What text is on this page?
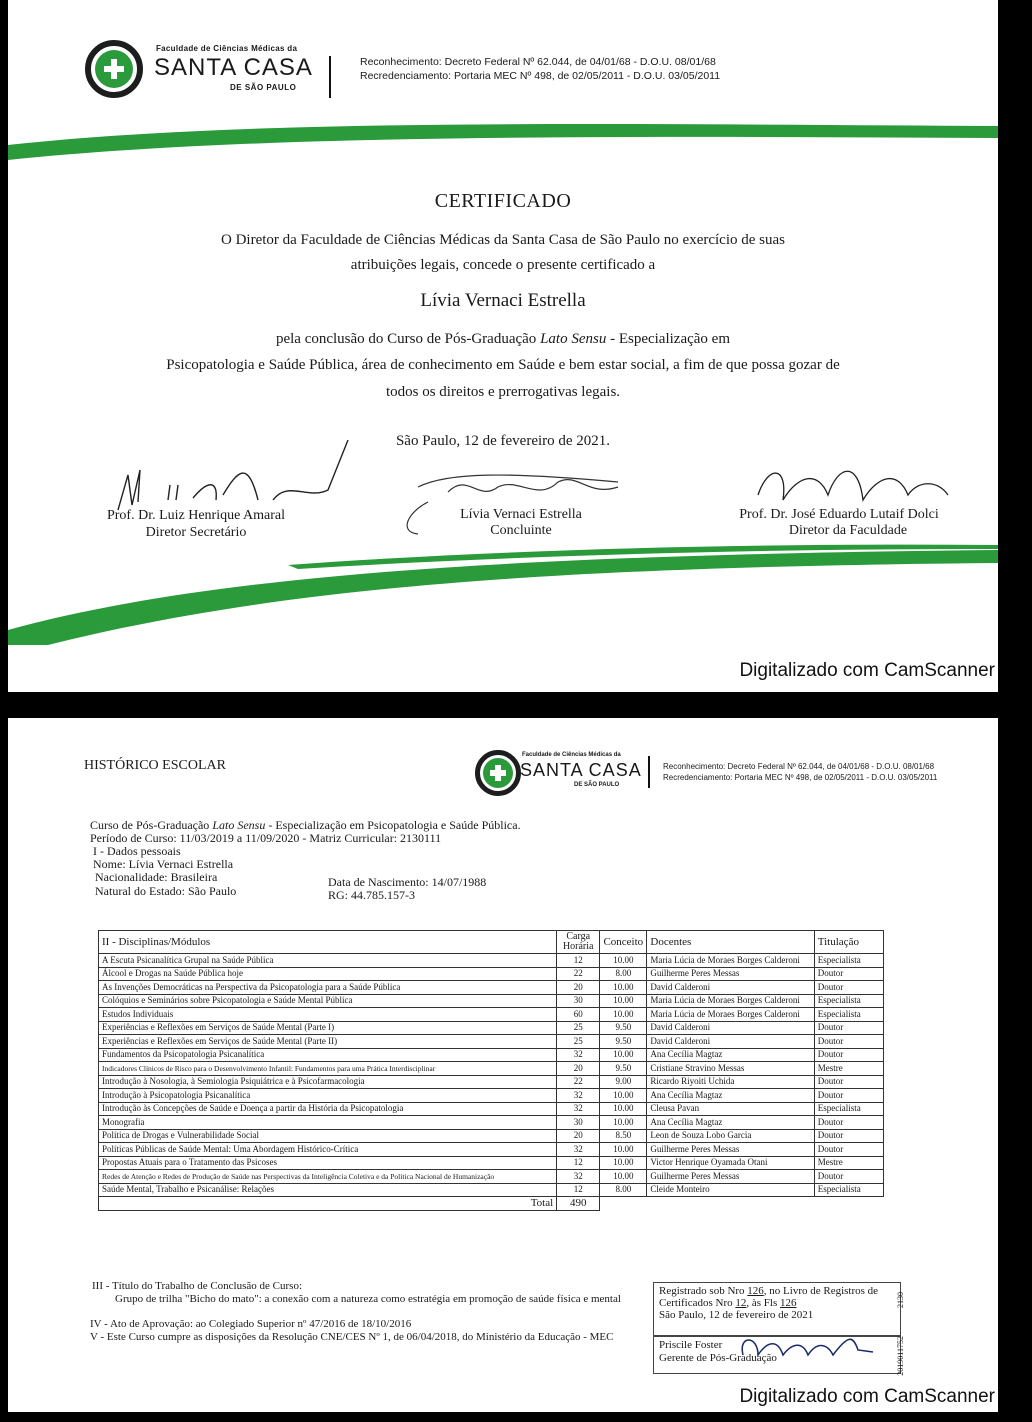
Faculdade de Ciências Médicas da
SANTA CASA
DE SÃO PAULO
Reconhecimento: Decreto Federal Nº 62.044, de 04/01/68 - D.O.U. 08/01/68
Recredenciamento: Portaria MEC Nº 498, de 02/05/2011 - D.O.U. 03/05/2011
CERTIFICADO
O Diretor da Faculdade de Ciências Médicas da Santa Casa de São Paulo no exercício de suas
atribuições legais, concede o presente certificado a
Lívia Vernaci Estrella
pela conclusão do Curso de Pós-Graduação Lato Sensu - Especialização em
Psicopatologia e Saúde Pública, área de conhecimento em Saúde e bem estar social, a fim de que possa gozar de
todos os direitos e prerrogativas legais.
São Paulo, 12 de fevereiro de 2021.
Prof. Dr. Luiz Henrique Amaral
Diretor Secretário
Lívia Vernaci Estrella
Concluinte
Prof. Dr. José Eduardo Lutaif Dolci
Diretor da Faculdade
Digitalizado com CamScanner
HISTÓRICO ESCOLAR
Faculdade de Ciências Médicas da
SANTA CASA
DE SÃO PAULO
Reconhecimento: Decreto Federal Nº 62.044, de 04/01/68 - D.O.U. 08/01/68
Recredenciamento: Portaria MEC Nº 498, de 02/05/2011 - D.O.U. 03/05/2011
Curso de Pós-Graduação Lato Sensu - Especialização em Psicopatologia e Saúde Pública.
Período de Curso: 11/03/2019 a 11/09/2020 - Matriz Curricular: 2130111
I - Dados pessoais
Nome: Lívia Vernaci Estrella
Nacionalidade: Brasileira
Natural do Estado: São Paulo
Data de Nascimento: 14/07/1988
RG: 44.785.157-3
II - Disciplinas/Módulos	Carga Horária	Conceito	Docentes	Titulação
A Escuta Psicanalítica Grupal na Saúde Pública	12	10.00	Maria Lúcia de Moraes Borges Calderoni	Especialista
Álcool e Drogas na Saúde Pública hoje	22	8.00	Guilherme Peres Messas	Doutor
As Invenções Democráticas na Perspectiva da Psicopatologia para a Saúde Pública	20	10.00	David Calderoni	Doutor
Colóquios e Seminários sobre Psicopatologia e Saúde Mental Pública	30	10.00	Maria Lúcia de Moraes Borges Calderoni	Especialista
Estudos Individuais	60	10.00	Maria Lúcia de Moraes Borges Calderoni	Especialista
Experiências e Reflexões em Serviços de Saúde Mental (Parte I)	25	9.50	David Calderoni	Doutor
Experiências e Reflexões em Serviços de Saúde Mental (Parte II)	25	9.50	David Calderoni	Doutor
Fundamentos da Psicopatologia Psicanalítica	32	10.00	Ana Cecília Magtaz	Doutor
Indicadores Clínicos de Risco para o Desenvolvimento Infantil: Fundamentos para uma Prática Interdisciplinar	20	9.50	Cristiane Stravino Messas	Mestre
Introdução à Nosologia, à Semiologia Psiquiátrica e à Psicofarmacologia	22	9.00	Ricardo Riyoiti Uchida	Doutor
Introdução à Psicopatologia Psicanalítica	32	10.00	Ana Cecília Magtaz	Doutor
Introdução às Concepções de Saúde e Doença a partir da História da Psicopatologia	32	10.00	Cleusa Pavan	Especialista
Monografia	30	10.00	Ana Cecília Magtaz	Doutor
Política de Drogas e Vulnerabilidade Social	20	8.50	Leon de Souza Lobo Garcia	Doutor
Políticas Públicas de Saúde Mental: Uma Abordagem Histórico-Crítica	32	10.00	Guilherme Peres Messas	Doutor
Propostas Atuais para o Tratamento das Psicoses	12	10.00	Victor Henrique Oyamada Otani	Mestre
Redes de Atenção e Redes de Produção de Saúde nas Perspectivas da Inteligência Coletiva e da Política Nacional de Humanização	32	10.00	Guilherme Peres Messas	Doutor
Saúde Mental, Trabalho e Psicanálise: Relações	12	8.00	Cleide Monteiro	Especialista
Total	490			
III - Título do Trabalho de Conclusão de Curso:
Grupo de trilha "Bicho do mato": a conexão com a natureza como estratégia em promoção de saúde física e mental
IV - Ato de Aprovação: ao Colegiado Superior nº 47/2016 de 18/10/2016
V - Este Curso cumpre as disposições da Resolução CNE/CES Nº 1, de 06/04/2018, do Ministério da Educação - MEC
Registrado sob Nro 126, no Livro de Registros de
Certificados Nro 12, às Fls 126
São Paulo, 12 de fevereiro de 2021
2130
Priscile Foster
Gerente de Pós-Graduação	2019011752
Digitalizado com CamScanner
